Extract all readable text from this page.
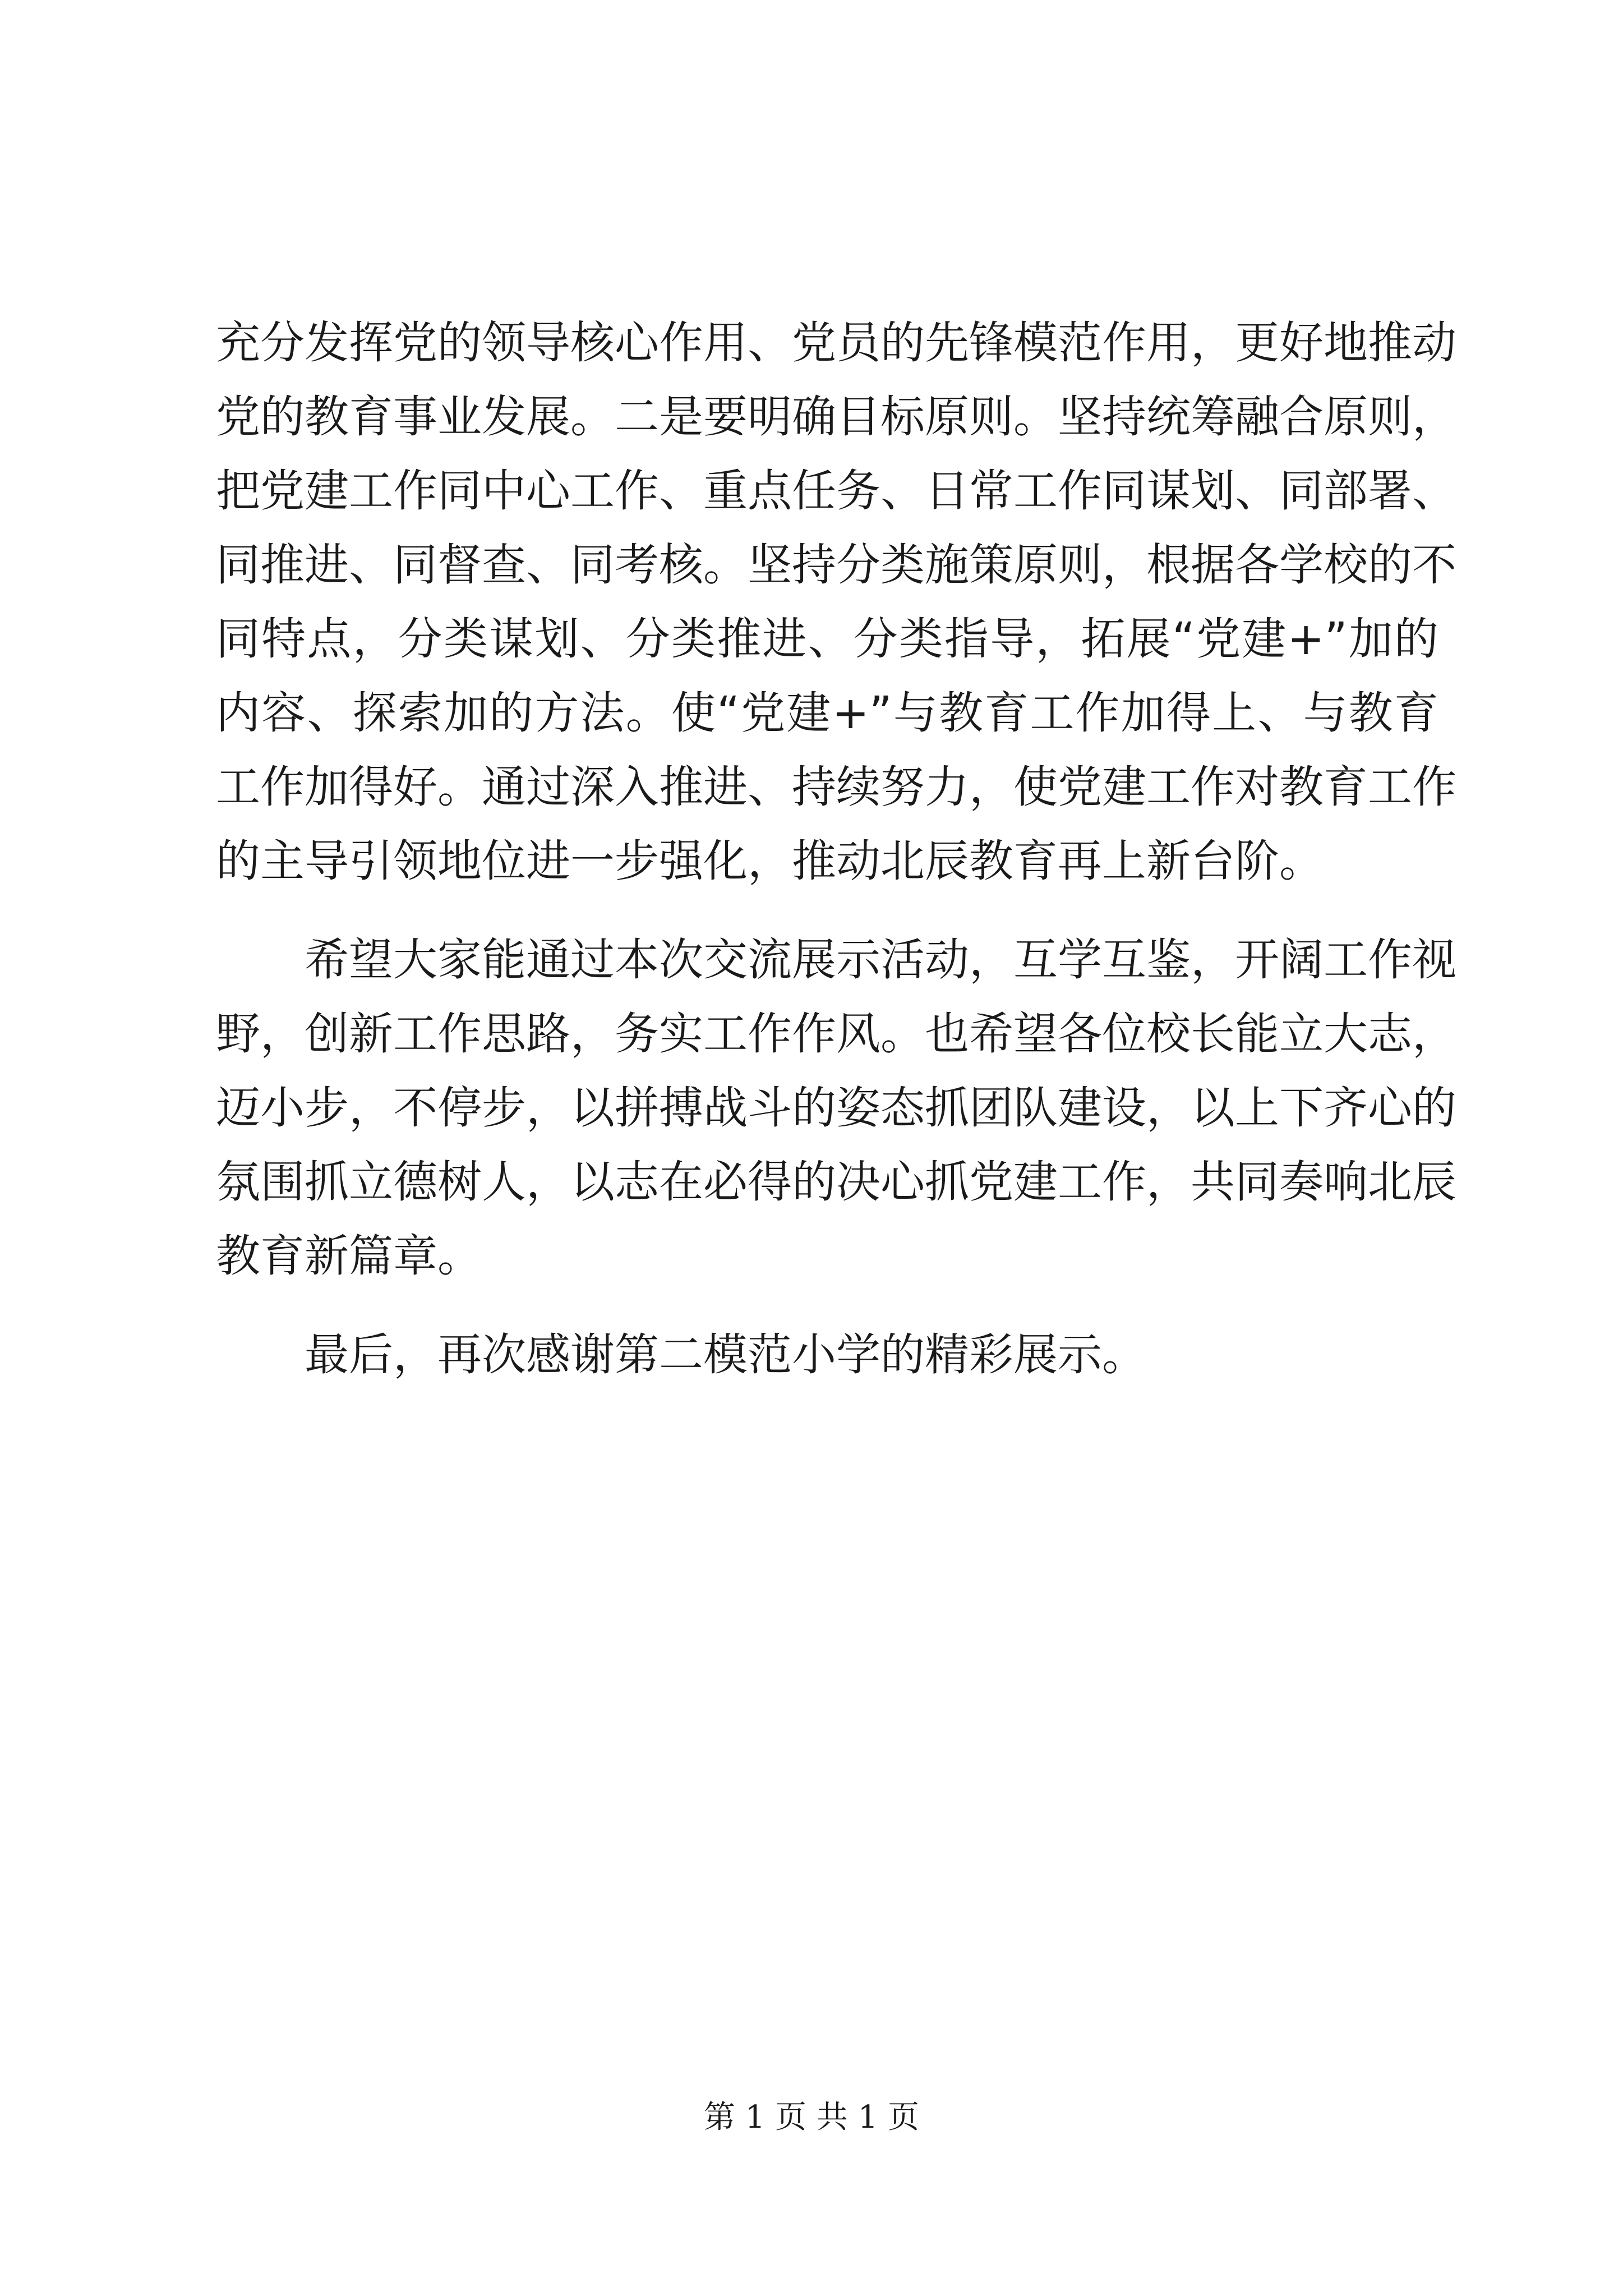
充分发挥党的领导核心作用、党员的先锋模范作用，更好地推动
党的教育事业发展。二是要明确目标原则。坚持统筹融合原则，
把党建工作同中心工作、重点任务、日常工作同谋划、同部署、
同推进、同督查、同考核。坚持分类施策原则，根据各学校的不
同特点，分类谋划、分类推进、分类指导，拓展“党建+”加的
内容、探索加的方法。使“党建+”与教育工作加得上、与教育
工作加得好。通过深入推进、持续努力，使党建工作对教育工作
的主导引领地位进一步强化，推动北辰教育再上新台阶。
希望大家能通过本次交流展示活动，互学互鉴，开阔工作视
野，创新工作思路，务实工作作风。也希望各位校长能立大志，
迈小步，不停步，以拼搏战斗的姿态抓团队建设，以上下齐心的
氛围抓立德树人，以志在必得的决心抓党建工作，共同奏响北辰
教育新篇章。
最后，再次感谢第二模范小学的精彩展示。
第 1 页 共 1 页
